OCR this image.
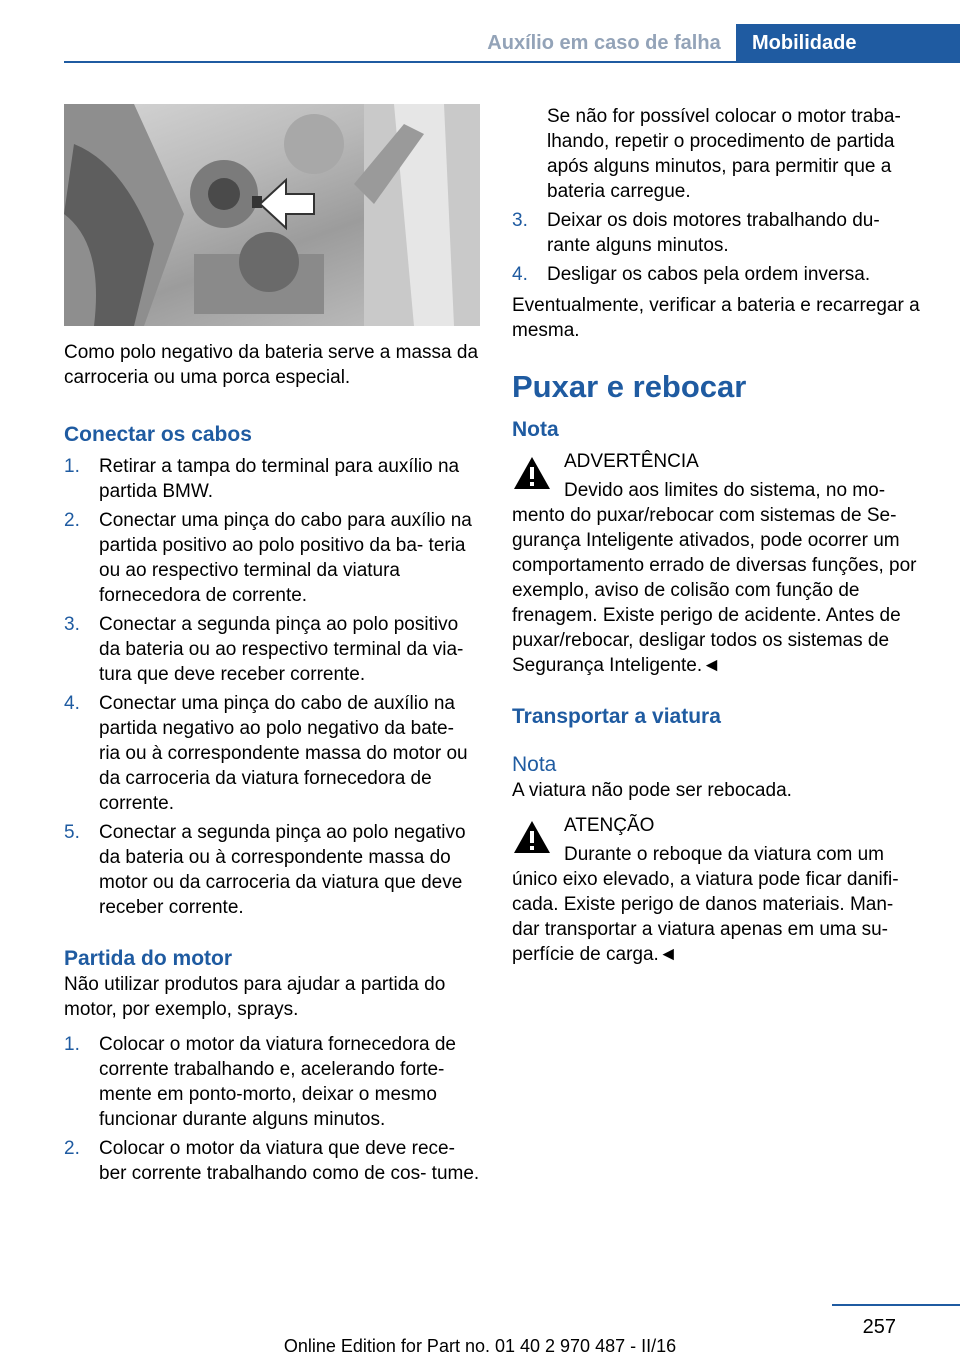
Auxílio em caso de falha	Mobilidade

Como polo negativo da bateria serve a massa da carroceria ou uma porca especial.

Conectar os cabos
1. Retirar a tampa do terminal para auxílio na partida BMW.
2. Conectar uma pinça do cabo para auxílio na partida positivo ao polo positivo da ba‐ teria ou ao respectivo terminal da viatura fornecedora de corrente.
3. Conectar a segunda pinça ao polo positivo da bateria ou ao respectivo terminal da via‐ tura que deve receber corrente.
4. Conectar uma pinça do cabo de auxílio na partida negativo ao polo negativo da bate‐ ria ou à correspondente massa do motor ou da carroceria da viatura fornecedora de corrente.
5. Conectar a segunda pinça ao polo negativo da bateria ou à correspondente massa do motor ou da carroceria da viatura que deve receber corrente.
Partida do motor

Não utilizar produtos para ajudar a partida do motor, por exemplo, sprays.

1. Colocar o motor da viatura fornecedora de corrente trabalhando e, acelerando forte‐ mente em ponto-morto, deixar o mesmo funcionar durante alguns minutos.
2. Colocar o motor da viatura que deve rece‐ ber corrente trabalhando como de cos‐ tume.

Se não for possível colocar o motor traba‐ lhando, repetir o procedimento de partida após alguns minutos, para permitir que a bateria carregue.

3. Deixar os dois motores trabalhando du‐ rante alguns minutos.
4. Desligar os cabos pela ordem inversa.

Eventualmente, verificar a bateria e recarregar a mesma.

Puxar e rebocar
Nota
ADVERTÊNCIA
Devido aos limites do sistema, no mo‐

mento do puxar/rebocar com sistemas de Se‐ gurança Inteligente ativados, pode ocorrer um comportamento errado de diversas funções, por exemplo, aviso de colisão com função de frenagem. Existe perigo de acidente. Antes de puxar/rebocar, desligar todos os sistemas de Segurança Inteligente.◄

Transportar a viatura
Nota

A viatura não pode ser rebocada.

ATENÇÃO
Durante o reboque da viatura com um

único eixo elevado, a viatura pode ficar danifi‐ cada. Existe perigo de danos materiais. Man‐ dar transportar a viatura apenas em uma su‐ perfície de carga.◄

257
Online Edition for Part no. 01 40 2 970 487 - II/16
